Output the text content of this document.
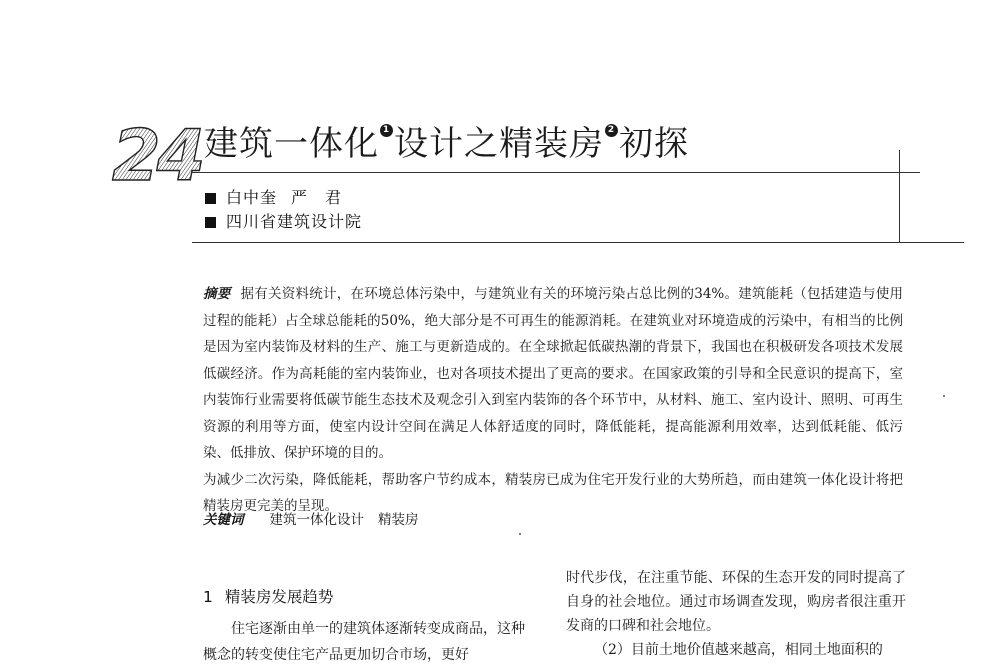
24 建筑一体化 $^1$ 设计之精装房 $^2$ 初探
白中奎 严　君
四川省建筑设计院

摘要 据有关资料统计，在环境总体污染中，与建筑业有关的环境污染占总比例的34%。建筑能耗（包括建造与使用过程的能耗）占全球总能耗的50%，绝大部分是不可再生的能源消耗。在建筑业对环境造成的污染中，有相当的比例是因为室内装饰及材料的生产、施工与更新造成的。在全球掀起低碳热潮的背景下，我国也在积极研发各项技术发展低碳经济。作为高耗能的室内装饰业，也对各项技术提出了更高的要求。在国家政策的引导和全民意识的提高下，室内装饰行业需要将低碳节能生态技术及观念引入到室内装饰的各个环节中，从材料、施工、室内设计、照明、可再生资源的利用等方面，使室内设计空间在满足人体舒适度的同时，降低能耗，提高能源利用效率，达到低耗能、低污染、低排放、保护环境的目的。

为减少二次污染，降低能耗，帮助客户节约成本，精装房已成为住宅开发行业的大势所趋，而由建筑一体化设计将把精装房更完美的呈现。

关键词 建筑一体化设计 精装房
1 精装房发展趋势

住宅逐渐由单一的建筑体逐渐转变成商品，这种概念的转变使住宅产品更加切合市场，更好

时代步伐，在注重节能、环保的生态开发的同时提高了自身的社会地位。通过市场调查发现，购房者很注重开发商的口碑和社会地位。

（2）目前土地价值越来越高，相同土地面积的
